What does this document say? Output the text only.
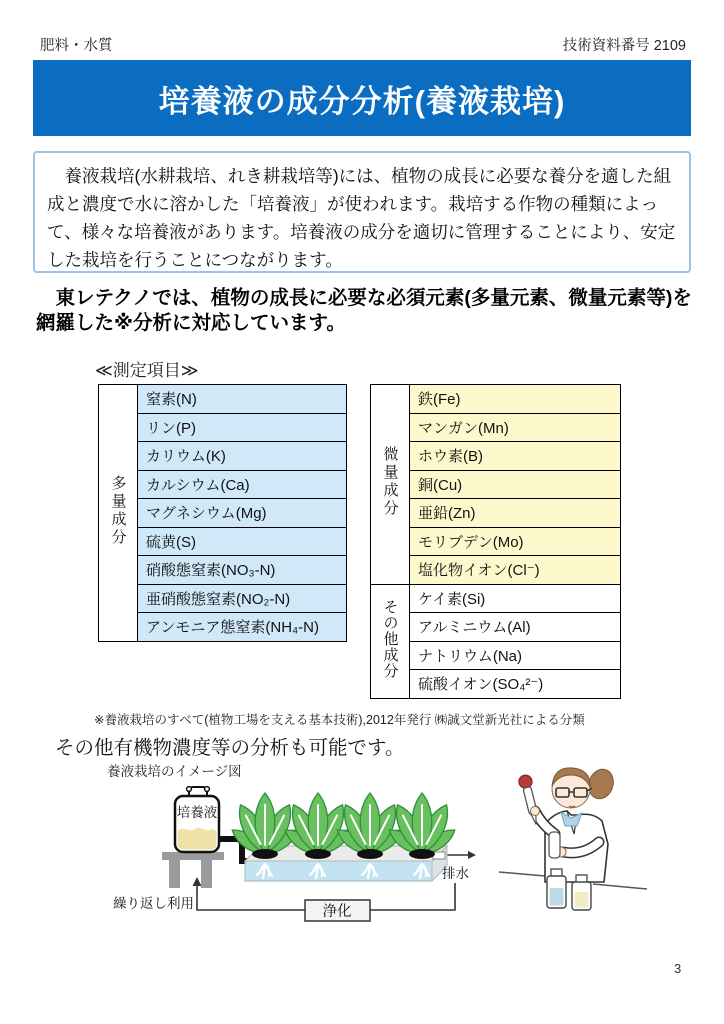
肥料・水質	技術資料番号 2109
培養液の成分分析(養液栽培)
　養液栽培(水耕栽培、れき耕栽培等)には、植物の成長に必要な養分を適した組成と濃度で水に溶かした「培養液」が使われます。栽培する作物の種類によって、様々な培養液があります。培養液の成分を適切に管理することにより、安定した栽培を行うことにつながります。
　東レテクノでは、植物の成長に必要な必須元素(多量元素、微量元素等)を網羅した※分析に対応しています。
≪測定項目≫
多量成分	窒素(N)
リン(P)
カリウム(K)
カルシウム(Ca)
マグネシウム(Mg)
硫黄(S)
硝酸態窒素(NO₃-N)
亜硝酸態窒素(NO₂-N)
アンモニア態窒素(NH₄-N)
微量成分	鉄(Fe)
	マンガン(Mn)
	ホウ素(B)
	銅(Cu)
	亜鉛(Zn)
	モリブデン(Mo)
	塩化物イオン(Cl⁻)
その他成分	ケイ素(Si)
	アルミニウム(Al)
	ナトリウム(Na)
	硫酸イオン(SO₄²⁻)
※養液栽培のすべて(植物工場を支える基本技術),2012年発行 ㈱誠文堂新光社による分類
その他有機物濃度等の分析も可能です。
養液栽培のイメージ図
浄化
繰り返し利用
培養液
排水
3
